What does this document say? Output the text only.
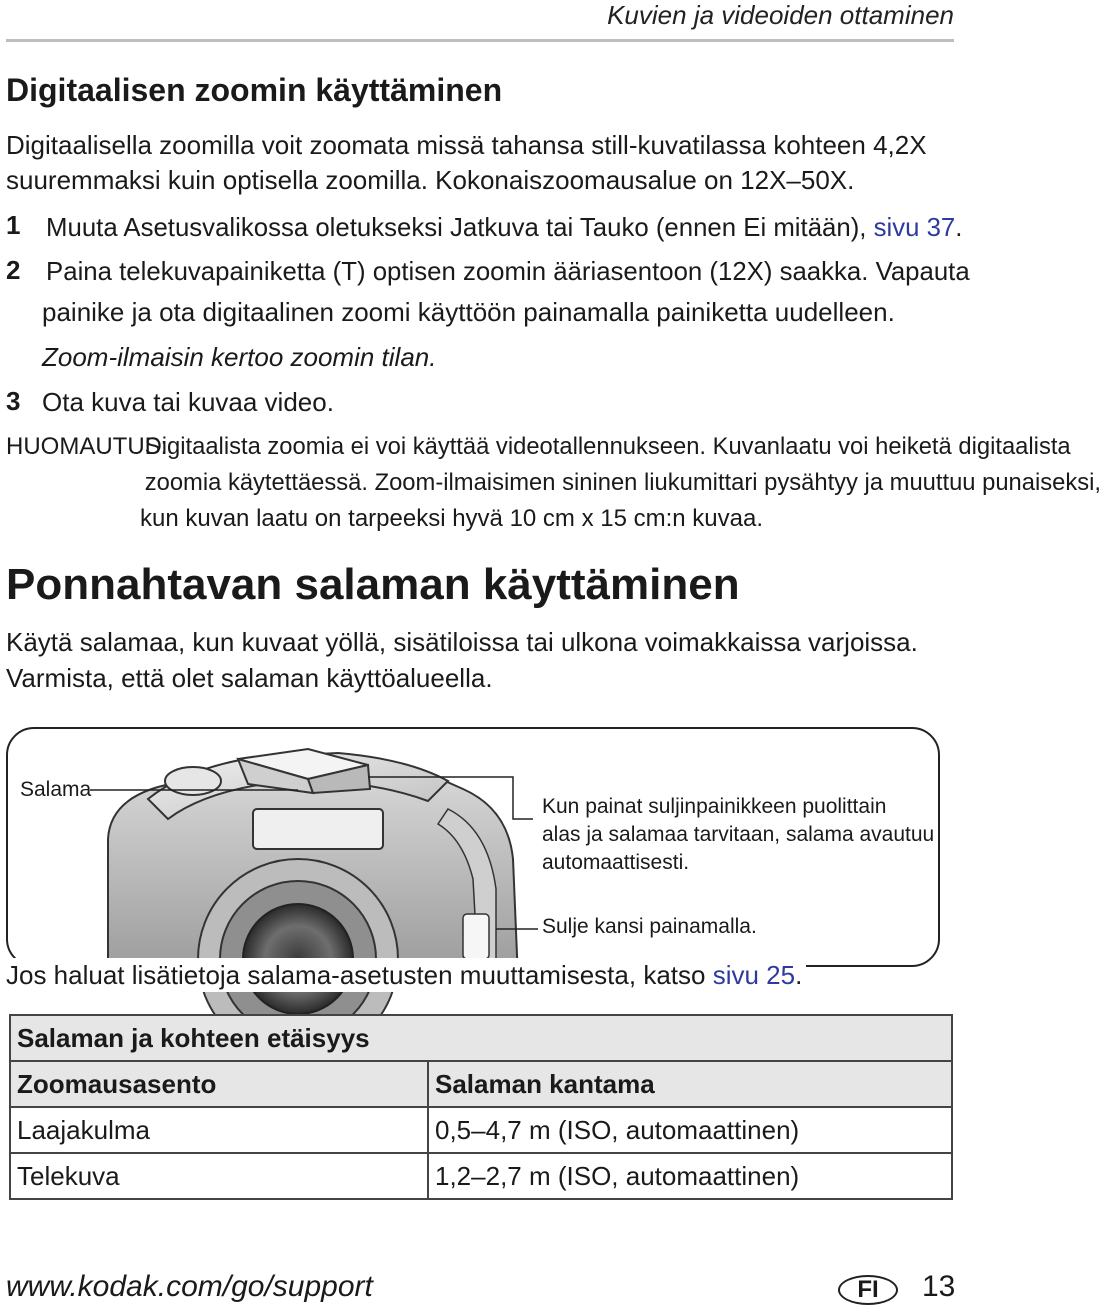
Kuvien ja videoiden ottaminen
Digitaalisen zoomin käyttäminen
Digitaalisella zoomilla voit zoomata missä tahansa still-kuvatilassa kohteen 4,2X
suuremmaksi kuin optisella zoomilla. Kokonaiszoomausalue on 12X–50X.
1 Muuta Asetusvalikossa oletukseksi Jatkuva tai Tauko (ennen Ei mitään), sivu 37.
2 Paina telekuvapainiketta (T) optisen zoomin ääriasentoon (12X) saakka. Vapauta
painike ja ota digitaalinen zoomi käyttöön painamalla painiketta uudelleen.
Zoom-ilmaisin kertoo zoomin tilan.
3 Ota kuva tai kuvaa video.
HUOMAUTUS:
Digitaalista zoomia ei voi käyttää videotallennukseen. Kuvanlaatu voi heiketä digitaalista
zoomia käytettäessä. Zoom-ilmaisimen sininen liukumittari pysähtyy ja muuttuu punaiseksi,
kun kuvan laatu on tarpeeksi hyvä 10 cm x 15 cm:n kuvaa.
Ponnahtavan salaman käyttäminen
Käytä salamaa, kun kuvaat yöllä, sisätiloissa tai ulkona voimakkaissa varjoissa.
Varmista, että olet salaman käyttöalueella.
Salama
Kun painat suljinpainikkeen puolittain
alas ja salamaa tarvitaan, salama avautuu
automaattisesti.
Sulje kansi painamalla.
Jos haluat lisätietoja salama-asetusten muuttamisesta, katso sivu 25.
Salaman ja kohteen etäisyys	
Zoomausasento	Salaman kantama
Laajakulma	0,5–4,7 m (ISO, automaattinen)
Telekuva	1,2–2,7 m (ISO, automaattinen)
www.kodak.com/go/support	FI	13
